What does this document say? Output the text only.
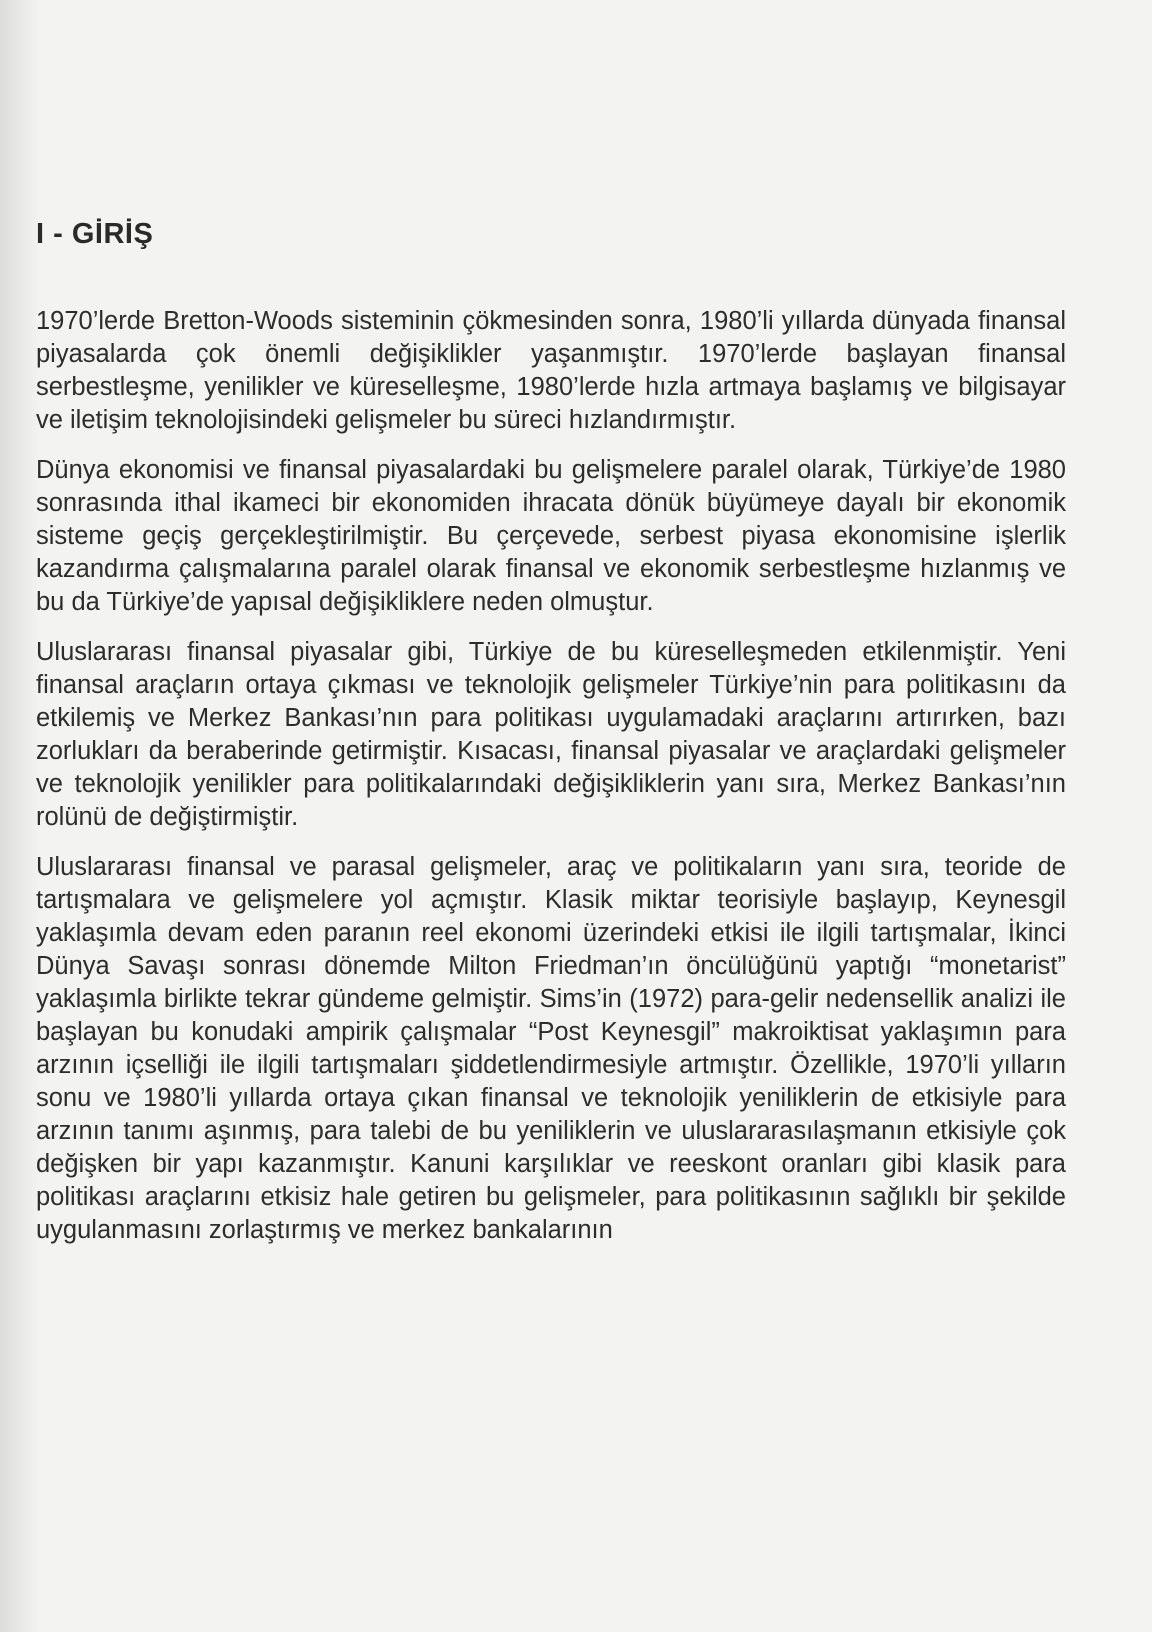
I - GİRİŞ

1970’lerde Bretton-Woods sisteminin çökmesinden sonra, 1980’li yıllarda dünyada finansal piyasalarda çok önemli değişiklikler yaşanmıştır. 1970’lerde başlayan finansal serbestleşme, yenilikler ve küreselleşme, 1980’lerde hızla artmaya başlamış ve bilgisayar ve iletişim teknolojisindeki gelişmeler bu süreci hızlandırmıştır.

Dünya ekonomisi ve finansal piyasalardaki bu gelişmelere paralel olarak, Türkiye’de 1980 sonrasında ithal ikameci bir ekonomiden ihracata dönük büyümeye dayalı bir ekonomik sisteme geçiş gerçekleştirilmiştir. Bu çerçevede, serbest piyasa ekonomisine işlerlik kazandırma çalışmalarına paralel olarak finansal ve ekonomik serbestleşme hızlanmış ve bu da Türkiye’de yapısal değişikliklere neden olmuştur.

Uluslararası finansal piyasalar gibi, Türkiye de bu küreselleşmeden etkilenmiştir. Yeni finansal araçların ortaya çıkması ve teknolojik gelişmeler Türkiye’nin para politikasını da etkilemiş ve Merkez Bankası’nın para politikası uygulamadaki araçlarını artırırken, bazı zorlukları da beraberinde getirmiştir. Kısacası, finansal piyasalar ve araçlardaki gelişmeler ve teknolojik yenilikler para politikalarındaki değişikliklerin yanı sıra, Merkez Bankası’nın rolünü de değiştirmiştir.

Uluslararası finansal ve parasal gelişmeler, araç ve politikaların yanı sıra, teoride de tartışmalara ve gelişmelere yol açmıştır. Klasik miktar teorisiyle başlayıp, Keynesgil yaklaşımla devam eden paranın reel ekonomi üzerindeki etkisi ile ilgili tartışmalar, İkinci Dünya Savaşı sonrası dönemde Milton Friedman’ın öncülüğünü yaptığı “monetarist” yaklaşımla birlikte tekrar gündeme gelmiştir. Sims’in (1972) para-gelir nedensellik analizi ile başlayan bu konudaki ampirik çalışmalar “Post Keynesgil” makroiktisat yaklaşımın para arzının içselliği ile ilgili tartışmaları şiddetlendirmesiyle artmıştır. Özellikle, 1970’li yılların sonu ve 1980’li yıllarda ortaya çıkan finansal ve teknolojik yeniliklerin de etkisiyle para arzının tanımı aşınmış, para talebi de bu yeniliklerin ve uluslararasılaşmanın etkisiyle çok değişken bir yapı kazanmıştır. Kanuni karşılıklar ve reeskont oranları gibi klasik para politikası araçlarını etkisiz hale getiren bu gelişmeler, para politikasının sağlıklı bir şekilde uygulanmasını zorlaştırmış ve merkez bankalarının
